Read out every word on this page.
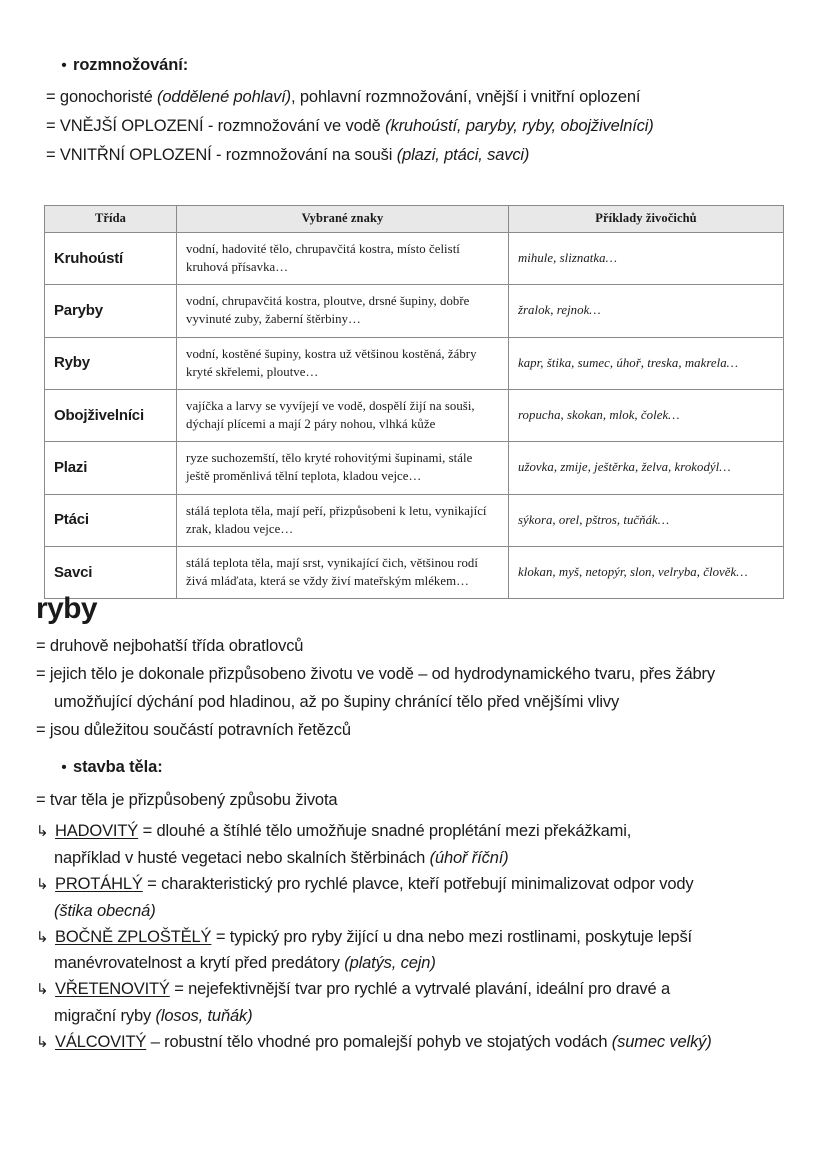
• rozmnožování:
= gonochoristé (oddělené pohlaví), pohlavní rozmnožování, vnější i vnitřní oplození
= VNĚJŠÍ OPLOZENÍ - rozmnožování ve vodě (kruhoústí, paryby, ryby, obojživelníci)
= VNITŘNÍ OPLOZENÍ - rozmnožování na souši (plazi, ptáci, savci)
Třída	Vybrané znaky	Příklady živočichů
Kruhoústí	vodní, hadovité tělo, chrupavčitá kostra, místo čelistí kruhová přísavka…	mihule, sliznatka…
Paryby	vodní, chrupavčitá kostra, ploutve, drsné šupiny, dobře vyvinuté zuby, žaberní štěrbiny…	žralok, rejnok…
Ryby	vodní, kostěné šupiny, kostra už většinou kostěná, žábry kryté skřelemi, ploutve…	kapr, štika, sumec, úhoř, treska, makrela…
Obojživelníci	vajíčka a larvy se vyvíjejí ve vodě, dospělí žijí na souši, dýchají plícemi a mají 2 páry nohou, vlhká kůže	ropucha, skokan, mlok, čolek…
Plazi	ryze suchozemští, tělo kryté rohovitými šupinami, stále ještě proměnlivá tělní teplota, kladou vejce…	užovka, zmije, ještěrka, želva, krokodýl…
Ptáci	stálá teplota těla, mají peří, přizpůsobeni k letu, vynikající zrak, kladou vejce…	sýkora, orel, pštros, tučňák…
Savci	stálá teplota těla, mají srst, vynikající čich, většinou rodí živá mláďata, která se vždy živí mateřským mlékem…	klokan, myš, netopýr, slon, velryba, člověk…
ryby
= druhově nejbohatší třída obratlovců
= jejich tělo je dokonale přizpůsobeno životu ve vodě – od hydrodynamického tvaru, přes žábry
umožňující dýchání pod hladinou, až po šupiny chránící tělo před vnějšími vlivy
= jsou důležitou součástí potravních řetězců
• stavba těla:
= tvar těla je přizpůsobený způsobu života
↳ HADOVITÝ = dlouhé a štíhlé tělo umožňuje snadné proplétání mezi překážkami,
například v husté vegetaci nebo skalních štěrbinách (úhoř říční)
↳ PROTÁHLÝ = charakteristický pro rychlé plavce, kteří potřebují minimalizovat odpor vody
(štika obecná)
↳ BOČNĚ ZPLOŠTĚLÝ = typický pro ryby žijící u dna nebo mezi rostlinami, poskytuje lepší
manévrovatelnost a krytí před predátory (platýs, cejn)
↳ VŘETENOVITÝ = nejefektivnější tvar pro rychlé a vytrvalé plavání, ideální pro dravé a
migrační ryby (losos, tuňák)
↳ VÁLCOVITÝ – robustní tělo vhodné pro pomalejší pohyb ve stojatých vodách (sumec velký)
